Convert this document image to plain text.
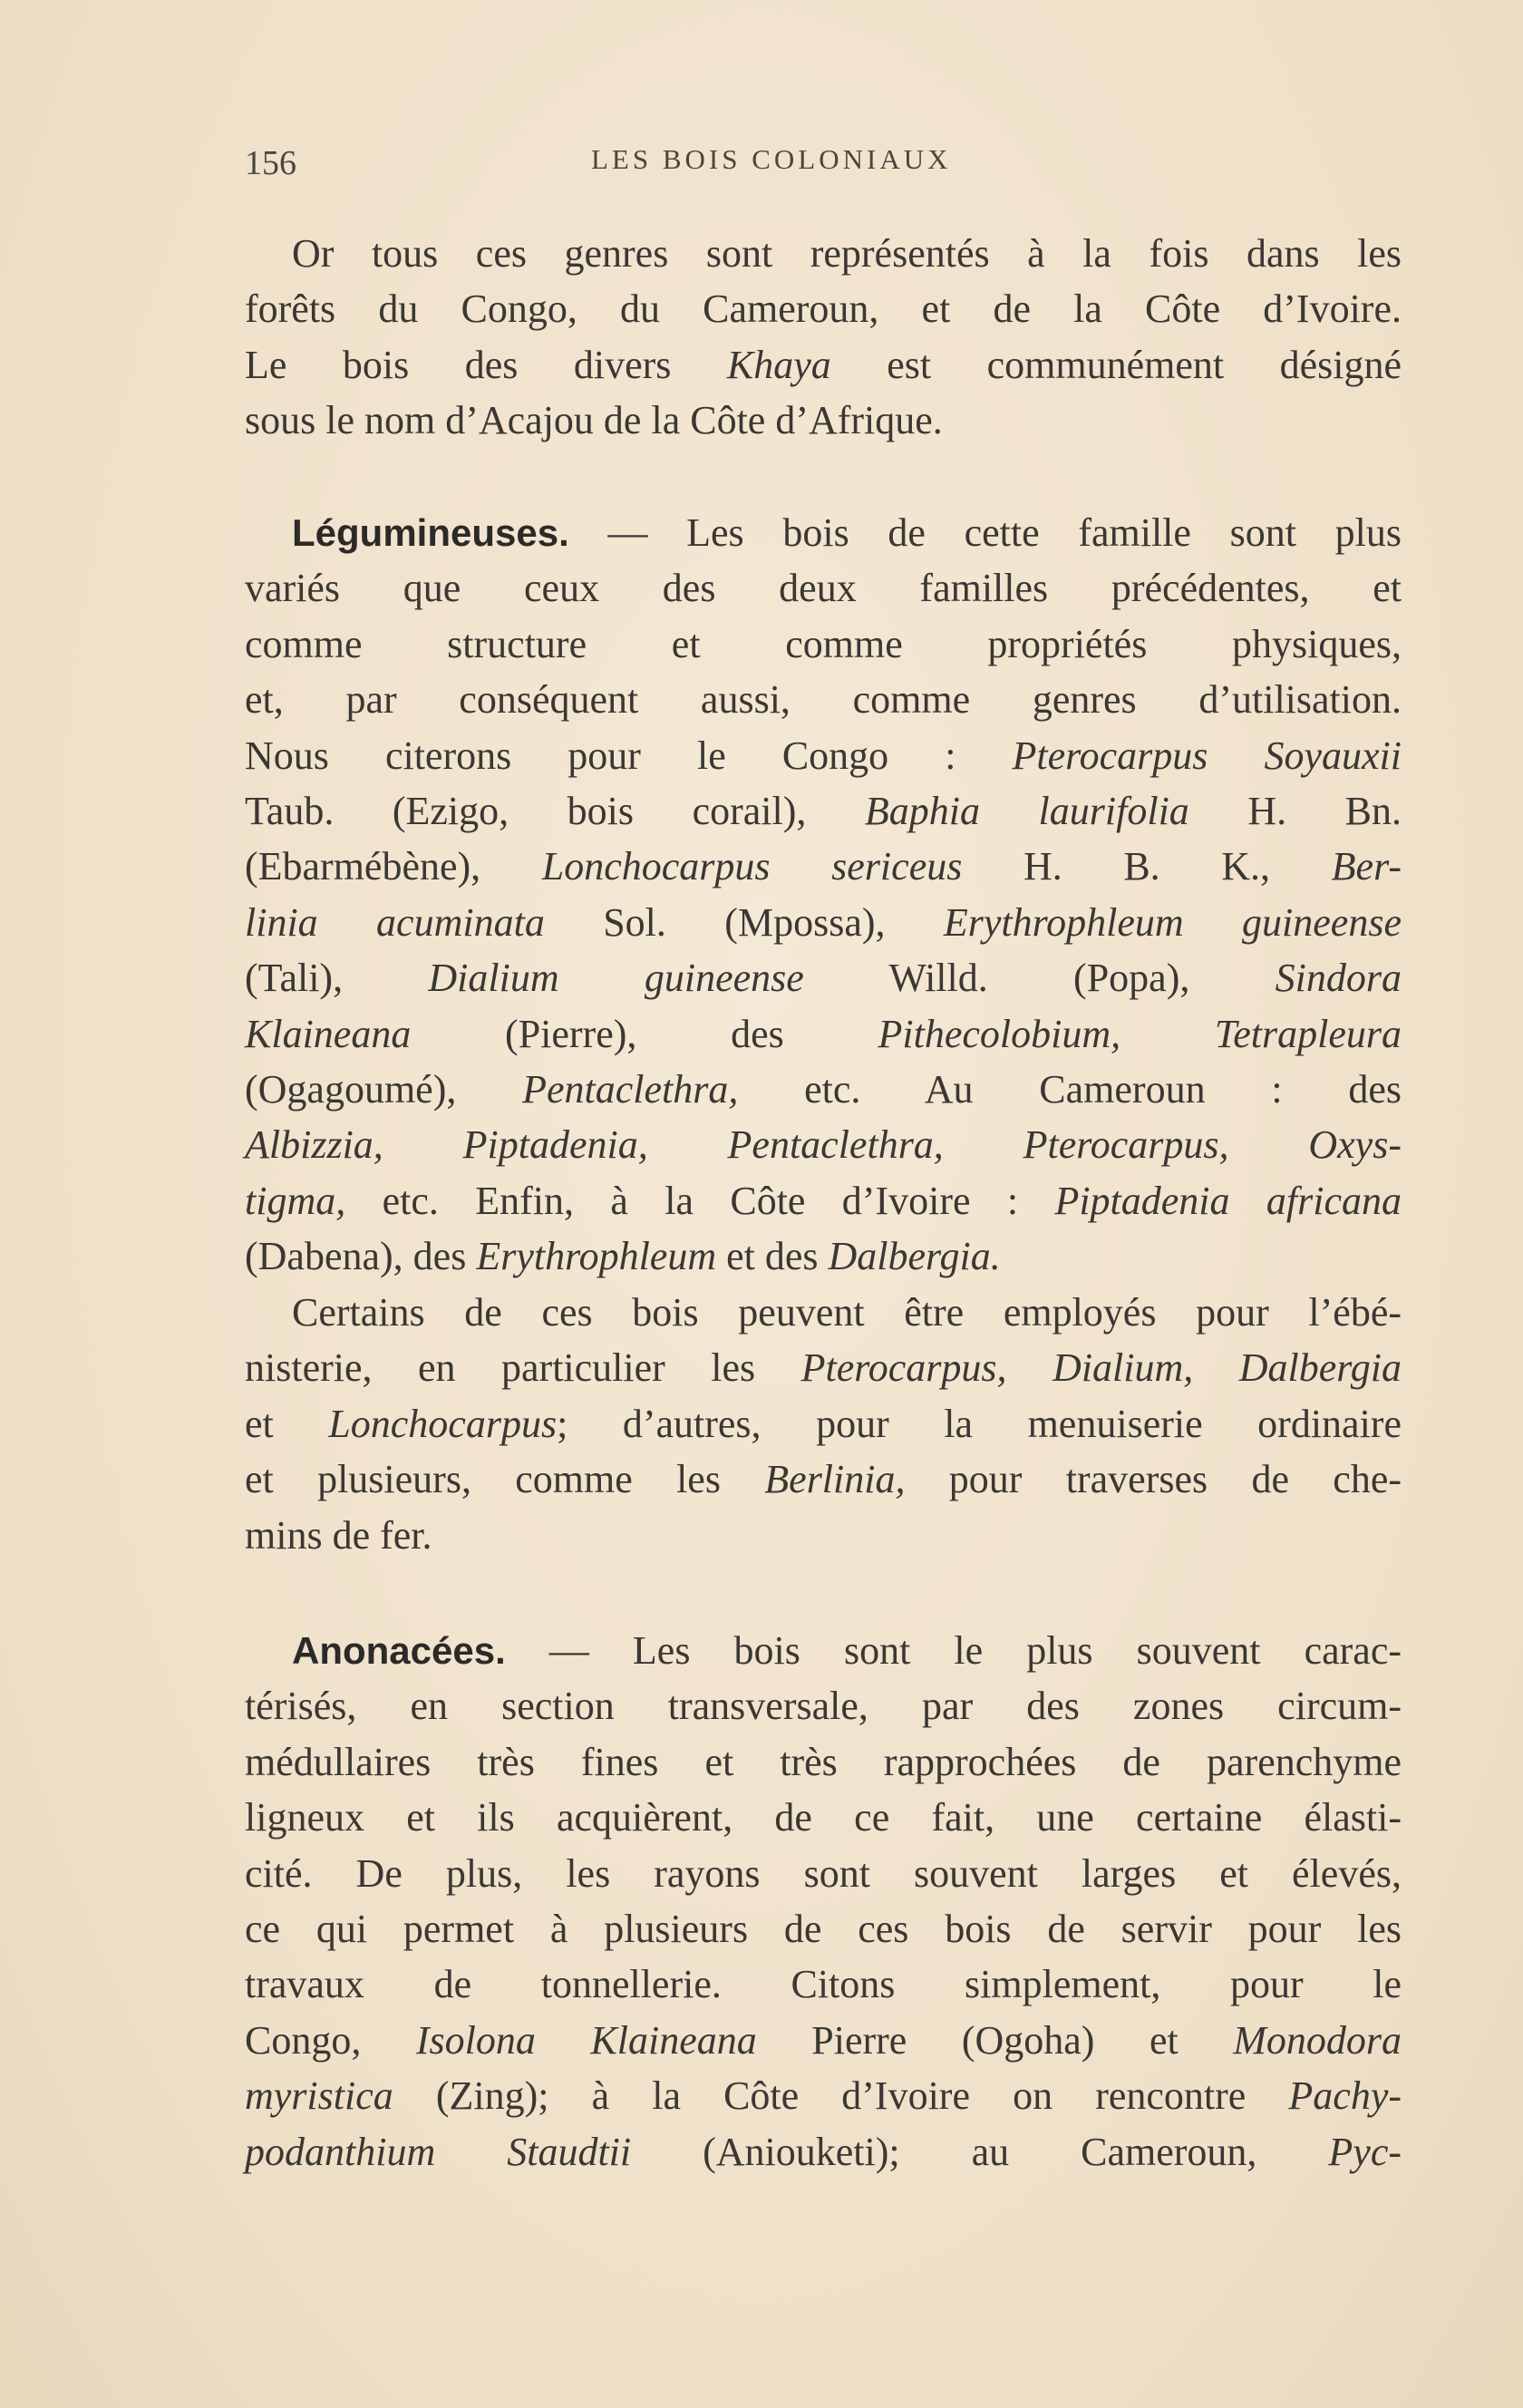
156	LES BOIS COLONIAUX
Or tous ces genres sont représentés à la fois dans les
forêts du Congo, du Cameroun, et de la Côte d’Ivoire.
Le bois des divers Khaya est communément désigné
sous le nom d’Acajou de la Côte d’Afrique.
Légumineuses. — Les bois de cette famille sont plus
variés que ceux des deux familles précédentes, et
comme structure et comme propriétés physiques,
et, par conséquent aussi, comme genres d’utilisation.
Nous citerons pour le Congo : Pterocarpus Soyauxii
Taub. (Ezigo, bois corail), Baphia laurifolia H. Bn.
(Ebarmébène), Lonchocarpus sericeus H. B. K., Ber-
linia acuminata Sol. (Mpossa), Erythrophleum guineense
(Tali), Dialium guineense Willd. (Popa), Sindora
Klaineana (Pierre), des Pithecolobium, Tetrapleura
(Ogagoumé), Pentaclethra, etc. Au Cameroun : des
Albizzia, Piptadenia, Pentaclethra, Pterocarpus, Oxys-
tigma, etc. Enfin, à la Côte d’Ivoire : Piptadenia africana
(Dabena), des Erythrophleum et des Dalbergia.
Certains de ces bois peuvent être employés pour l’ébé-
nisterie, en particulier les Pterocarpus, Dialium, Dalbergia
et Lonchocarpus; d’autres, pour la menuiserie ordinaire
et plusieurs, comme les Berlinia, pour traverses de che-
mins de fer.
Anonacées. — Les bois sont le plus souvent carac-
térisés, en section transversale, par des zones circum-
médullaires très fines et très rapprochées de parenchyme
ligneux et ils acquièrent, de ce fait, une certaine élasti-
cité. De plus, les rayons sont souvent larges et élevés,
ce qui permet à plusieurs de ces bois de servir pour les
travaux de tonnellerie. Citons simplement, pour le
Congo, Isolona Klaineana Pierre (Ogoha) et Monodora
myristica (Zing); à la Côte d’Ivoire on rencontre Pachy-
podanthium Staudtii (Aniouketi); au Cameroun, Pyc-
